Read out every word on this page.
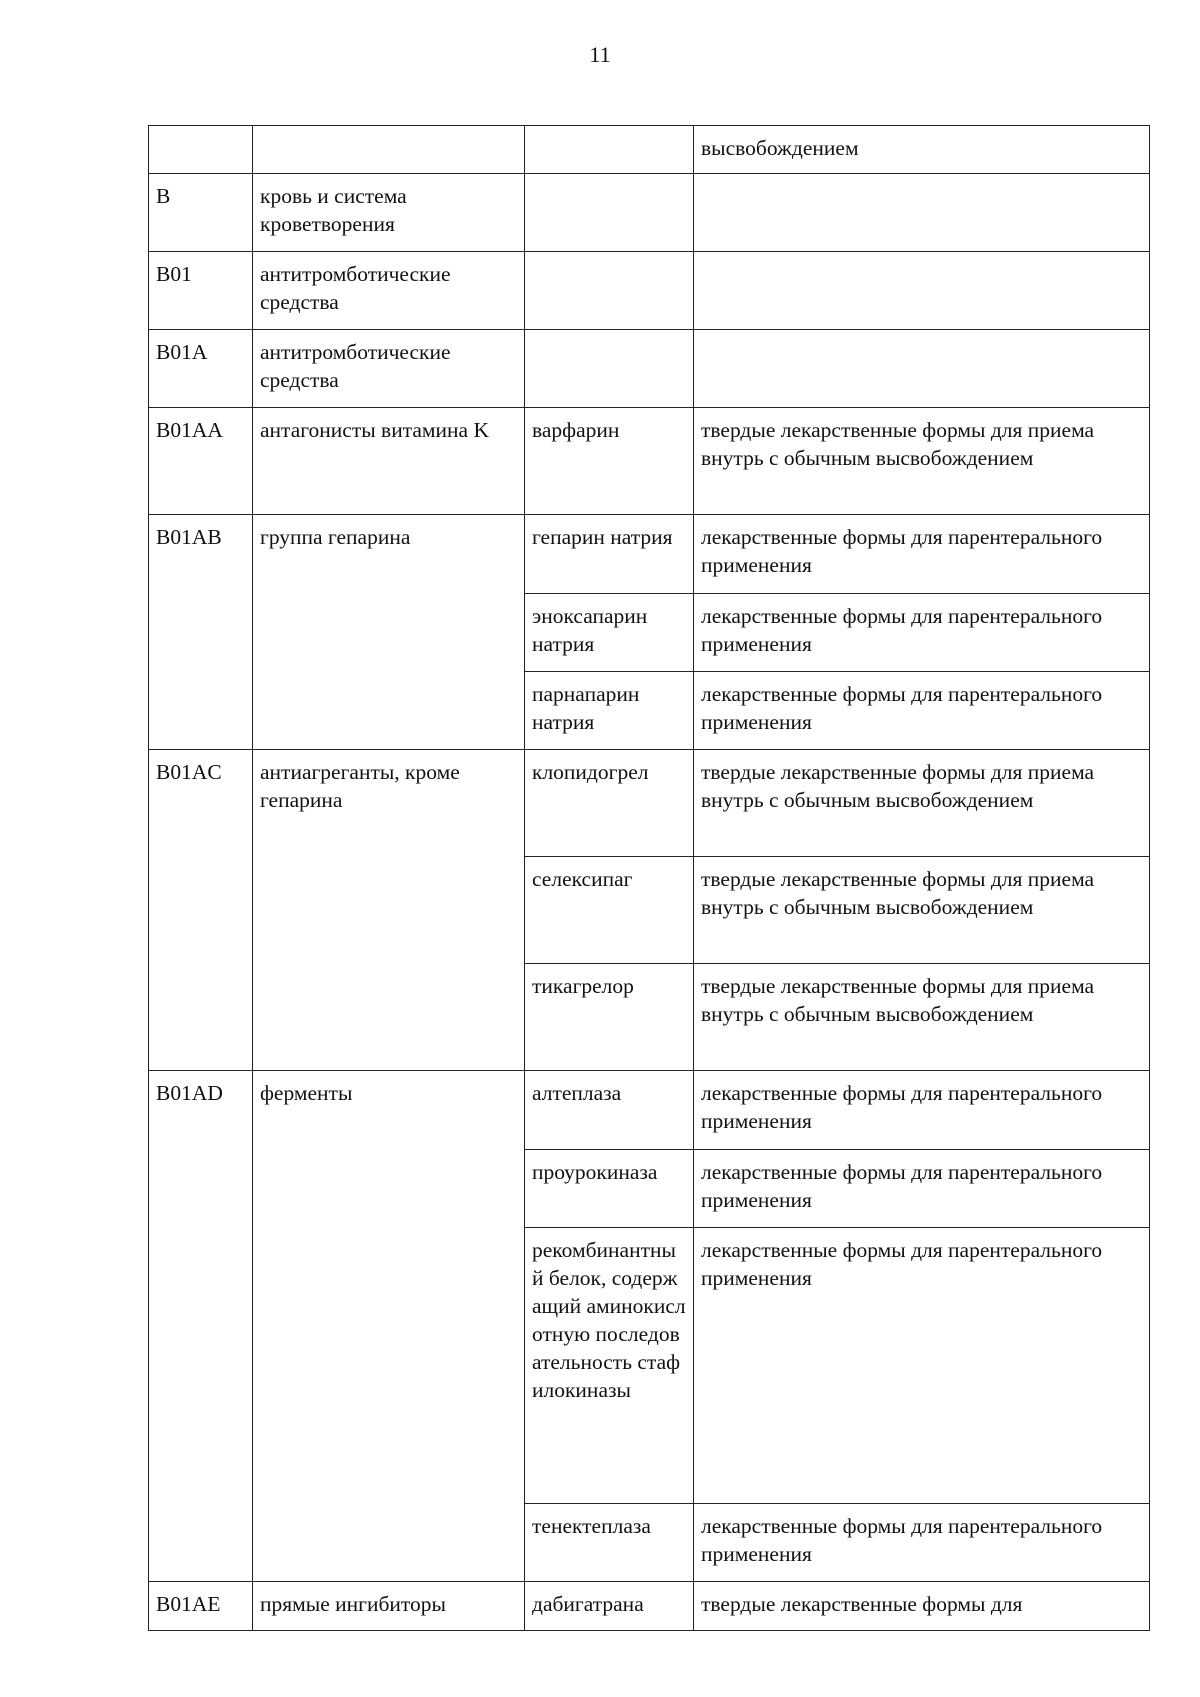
11
			высвобождением
B	кровь и система кроветворения		
B01	антитромботические средства		
B01A	антитромботические средства		
B01AA	антагонисты витамина K	варфарин	твердые лекарственные формы для приема внутрь с обычным высвобождением
B01AB	группа гепарина	гепарин натрия	лекарственные формы для парентерального применения
		эноксапарин натрия	лекарственные формы для парентерального применения
		парнапарин натрия	лекарственные формы для парентерального применения
B01AC	антиагреганты, кроме гепарина	клопидогрел	твердые лекарственные формы для приема внутрь с обычным высвобождением
		селексипаг	твердые лекарственные формы для приема внутрь с обычным высвобождением
		тикагрелор	твердые лекарственные формы для приема внутрь с обычным высвобождением
B01AD	ферменты	алтеплаза	лекарственные формы для парентерального применения
		проурокиназа	лекарственные формы для парентерального применения
		рекомбинантный белок, содержащий аминокислотную последовательность стафилокиназы	лекарственные формы для парентерального применения
		тенектеплаза	лекарственные формы для парентерального применения
B01AE	прямые ингибиторы	дабигатрана	твердые лекарственные формы для
